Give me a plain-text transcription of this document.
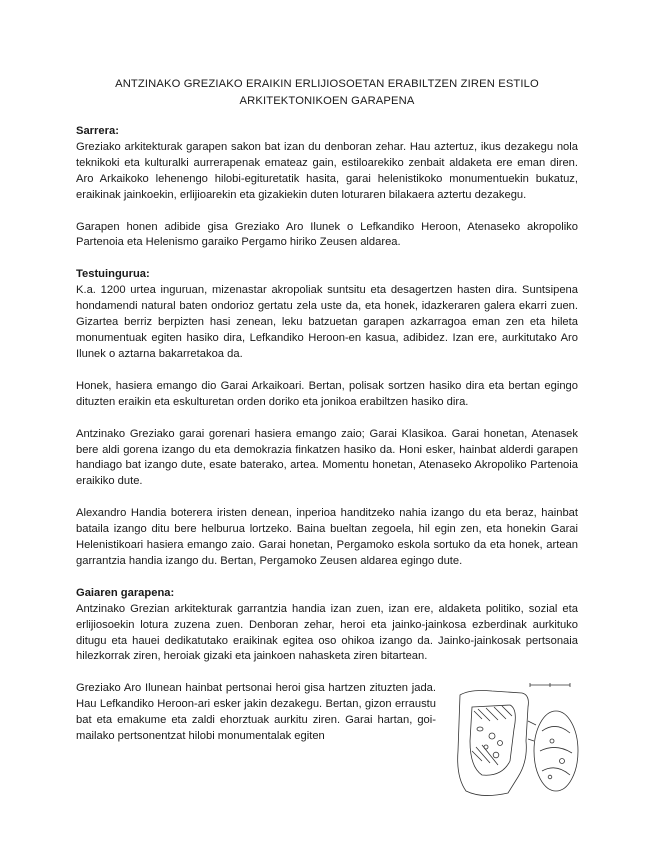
ANTZINAKO GREZIAKO ERAIKIN ERLIJIOSOETAN ERABILTZEN ZIREN ESTILO
ARKITEKTONIKOEN GARAPENA
Sarrera:

Greziako arkitekturak garapen sakon bat izan du denboran zehar. Hau aztertuz, ikus dezakegu nola teknikoki eta kulturalki aurrerapenak emateaz gain, estiloarekiko zenbait aldaketa ere eman diren. Aro Arkaikoko lehenengo hilobi-egituretatik hasita, garai helenistikoko monumentuekin bukatuz, eraikinak jainkoekin, erlijioarekin eta gizakiekin duten loturaren bilakaera aztertu dezakegu.

Garapen honen adibide gisa Greziako Aro Ilunek o Lefkandiko Heroon, Atenaseko akropoliko Partenoia eta Helenismo garaiko Pergamo hiriko Zeusen aldarea.

Testuingurua:

K.a. 1200 urtea inguruan, mizenastar akropoliak suntsitu eta desagertzen hasten dira. Suntsipena hondamendi natural baten ondorioz gertatu zela uste da, eta honek, idazkeraren galera ekarri zuen. Gizartea berriz berpizten hasi zenean, leku batzuetan garapen azkarragoa eman zen eta hileta monumentuak egiten hasiko dira, Lefkandiko Heroon-en kasua, adibidez. Izan ere, aurkitutako Aro Ilunek o aztarna bakarretakoa da.

Honek, hasiera emango dio Garai Arkaikoari. Bertan, polisak sortzen hasiko dira eta bertan egingo dituzten eraikin eta eskulturetan orden doriko eta jonikoa erabiltzen hasiko dira.

Antzinako Greziako garai gorenari hasiera emango zaio; Garai Klasikoa. Garai honetan, Atenasek bere aldi gorena izango du eta demokrazia finkatzen hasiko da. Honi esker, hainbat alderdi garapen handiago bat izango dute, esate baterako, artea. Momentu honetan, Atenaseko Akropoliko Partenoia eraikiko dute.

Alexandro Handia boterera iristen denean, inperioa handitzeko nahia izango du eta beraz, hainbat bataila izango ditu bere helburua lortzeko. Baina bueltan zegoela, hil egin zen, eta honekin Garai Helenistikoari hasiera emango zaio. Garai honetan, Pergamoko eskola sortuko da eta honek, artean garrantzia handia izango du. Bertan, Pergamoko Zeusen aldarea egingo dute.

Gaiaren garapena:

Antzinako Grezian arkitekturak garrantzia handia izan zuen, izan ere, aldaketa politiko, sozial eta erlijiosoekin lotura zuzena zuen. Denboran zehar, heroi eta jainko-jainkosa ezberdinak aurkituko ditugu eta hauei dedikatutako eraikinak egitea oso ohikoa izango da. Jainko-jainkosak pertsonaia hilezkorrak ziren, heroiak gizaki eta jainkoen nahasketa ziren bitartean.

Greziako Aro Ilunean hainbat pertsonai heroi gisa hartzen zituzten jada. Hau Lefkandiko Heroon-ari esker jakin dezakegu. Bertan, gizon erraustu bat eta emakume eta zaldi ehorztuak aurkitu ziren. Garai hartan, goi-mailako pertsonentzat hilobi monumentalak egiten
